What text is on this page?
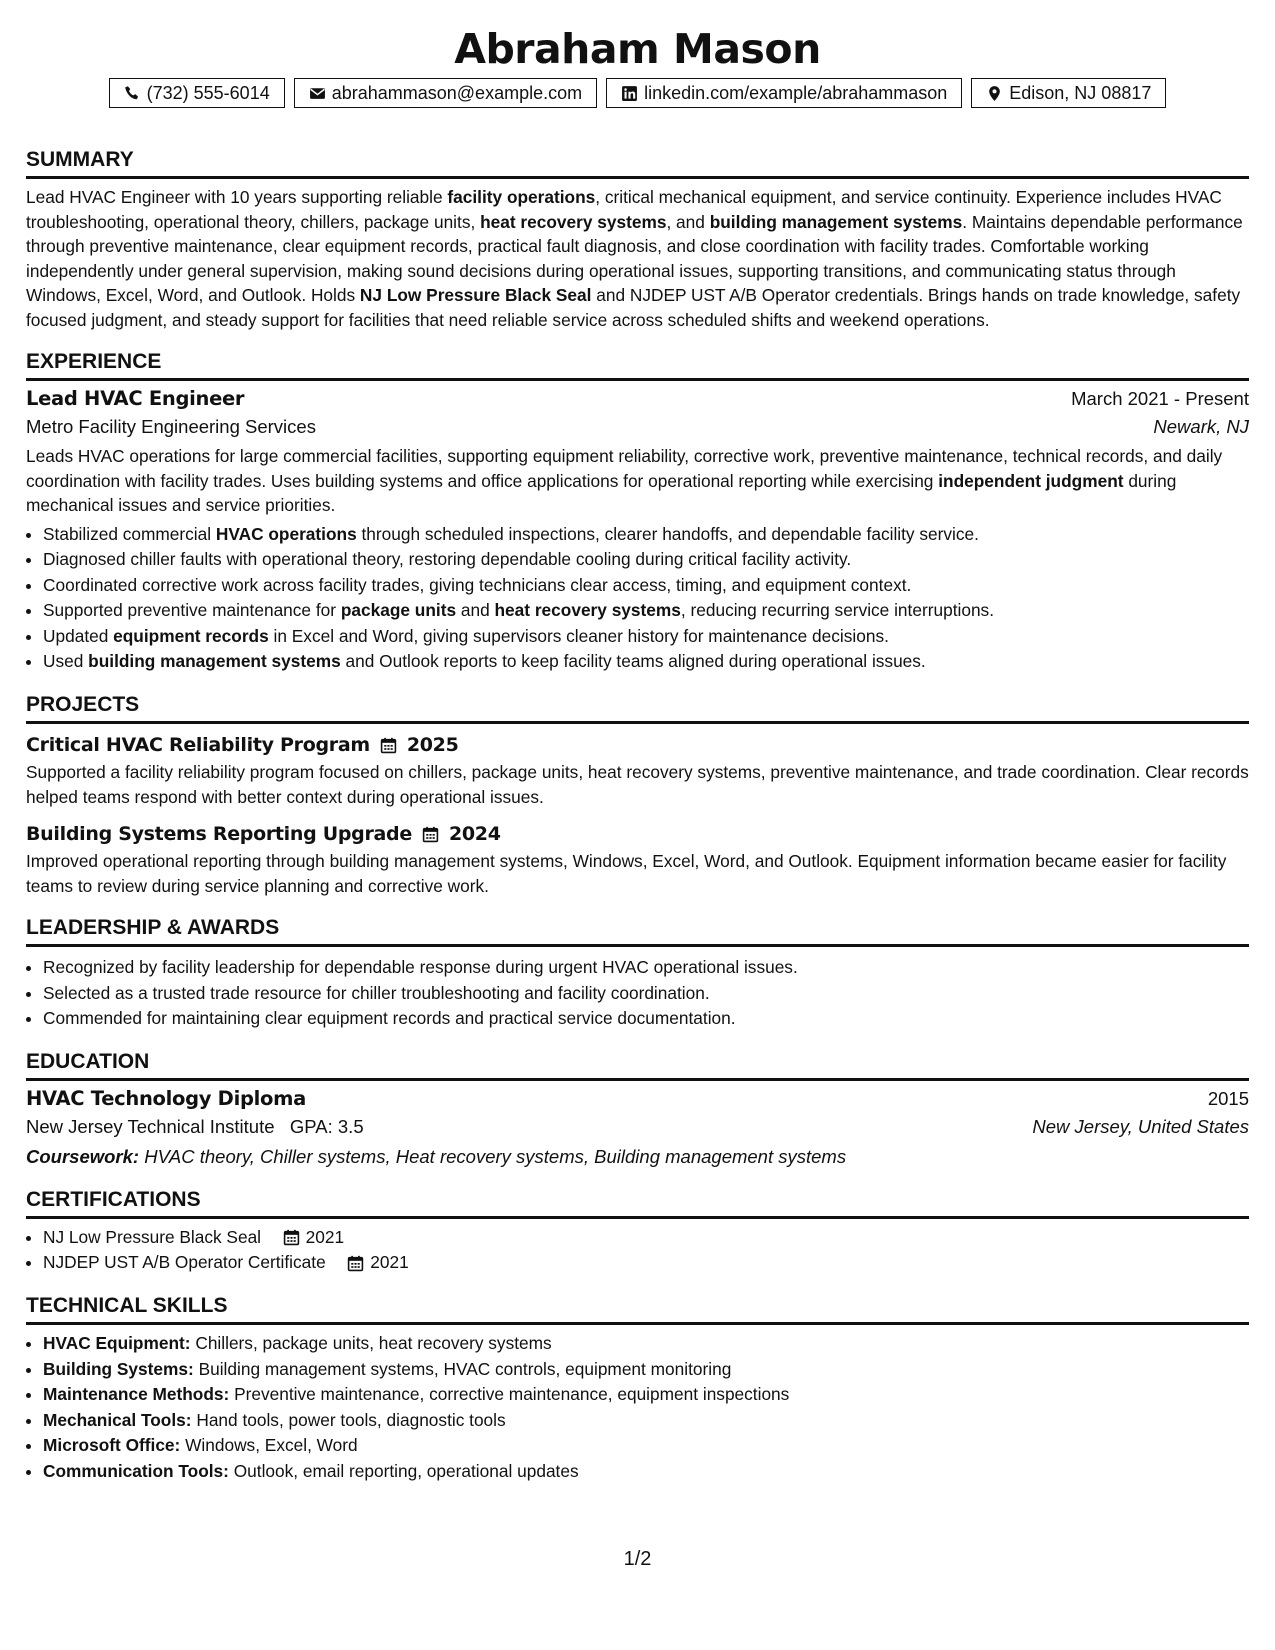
Abraham Mason
(732) 555-6014	abrahammason@example.com	linkedin.com/example/abrahammason	Edison, NJ 08817
SUMMARY

Lead HVAC Engineer with 10 years supporting reliable facility operations, critical mechanical equipment, and service continuity. Experience includes HVAC troubleshooting, operational theory, chillers, package units, heat recovery systems, and building management systems. Maintains dependable performance through preventive maintenance, clear equipment records, practical fault diagnosis, and close coordination with facility trades. Comfortable working independently under general supervision, making sound decisions during operational issues, supporting transitions, and communicating status through Windows, Excel, Word, and Outlook. Holds NJ Low Pressure Black Seal and NJDEP UST A/B Operator credentials. Brings hands on trade knowledge, safety focused judgment, and steady support for facilities that need reliable service across scheduled shifts and weekend operations.

EXPERIENCE
Lead HVAC Engineer	March 2021 - Present
Metro Facility Engineering Services	Newark, NJ

Leads HVAC operations for large commercial facilities, supporting equipment reliability, corrective work, preventive maintenance, technical records, and daily coordination with facility trades. Uses building systems and office applications for operational reporting while exercising independent judgment during mechanical issues and service priorities.

• Stabilized commercial HVAC operations through scheduled inspections, clearer handoffs, and dependable facility service.
• Diagnosed chiller faults with operational theory, restoring dependable cooling during critical facility activity.
• Coordinated corrective work across facility trades, giving technicians clear access, timing, and equipment context.
• Supported preventive maintenance for package units and heat recovery systems, reducing recurring service interruptions.
• Updated equipment records in Excel and Word, giving supervisors cleaner history for maintenance decisions.
• Used building management systems and Outlook reports to keep facility teams aligned during operational issues.
PROJECTS
Critical HVAC Reliability Program 2025

Supported a facility reliability program focused on chillers, package units, heat recovery systems, preventive maintenance, and trade coordination. Clear records helped teams respond with better context during operational issues.

Building Systems Reporting Upgrade 2024

Improved operational reporting through building management systems, Windows, Excel, Word, and Outlook. Equipment information became easier for facility teams to review during service planning and corrective work.

LEADERSHIP & AWARDS
• Recognized by facility leadership for dependable response during urgent HVAC operational issues.
• Selected as a trusted trade resource for chiller troubleshooting and facility coordination.
• Commended for maintaining clear equipment records and practical service documentation.
EDUCATION
HVAC Technology Diploma	2015
New Jersey Technical Institute GPA: 3.5	New Jersey, United States
Coursework: HVAC theory, Chiller systems, Heat recovery systems, Building management systems
CERTIFICATIONS
• NJ Low Pressure Black Seal
	2021
• NJDEP UST A/B Operator Certificate
	2021
TECHNICAL SKILLS
• HVAC Equipment: Chillers, package units, heat recovery systems
• Building Systems: Building management systems, HVAC controls, equipment monitoring
• Maintenance Methods: Preventive maintenance, corrective maintenance, equipment inspections
• Mechanical Tools: Hand tools, power tools, diagnostic tools
• Microsoft Office: Windows, Excel, Word
• Communication Tools: Outlook, email reporting, operational updates
1/2
